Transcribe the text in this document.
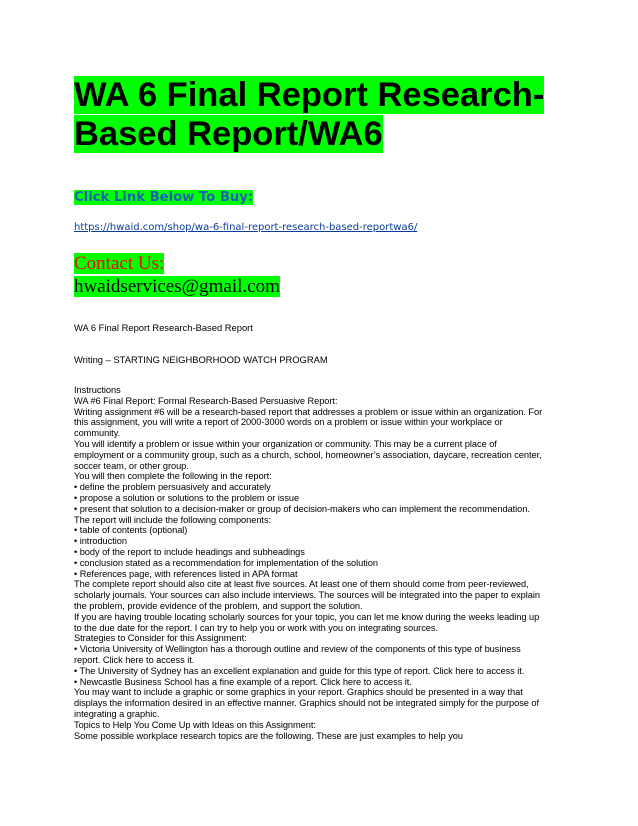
WA 6 Final Report Research-
Based Report/WA6
Click Link Below To Buy:
https://hwaid.com/shop/wa-6-final-report-research-based-reportwa6/
Contact Us:
hwaidservices@gmail.com
WA 6 Final Report Research-Based Report
Writing – STARTING NEIGHBORHOOD WATCH PROGRAM

Instructions

WA #6 Final Report: Formal Research-Based Persuasive Report:

Writing assignment #6 will be a research-based report that addresses a problem or issue within an organization. For

this assignment, you will write a report of 2000-3000 words on a problem or issue within your workplace or

community.

You will identify a problem or issue within your organization or community. This may be a current place of

employment or a community group, such as a church, school, homeowner’s association, daycare, recreation center,

soccer team, or other group.

You will then complete the following in the report:

• define the problem persuasively and accurately

• propose a solution or solutions to the problem or issue

• present that solution to a decision-maker or group of decision-makers who can implement the recommendation.

The report will include the following components:

• table of contents (optional)

• introduction

• body of the report to include headings and subheadings

• conclusion stated as a recommendation for implementation of the solution

• References page, with references listed in APA format

The complete report should also cite at least five sources. At least one of them should come from peer-reviewed,

scholarly journals. Your sources can also include interviews. The sources will be integrated into the paper to explain

the problem, provide evidence of the problem, and support the solution.

If you are having trouble locating scholarly sources for your topic, you can let me know during the weeks leading up

to the due date for the report. I can try to help you or work with you on integrating sources.

Strategies to Consider for this Assignment:

• Victoria University of Wellington has a thorough outline and review of the components of this type of business

report. Click here to access it.

• The University of Sydney has an excellent explanation and guide for this type of report. Click here to access it.

• Newcastle Business School has a fine example of a report. Click here to access it.

You may want to include a graphic or some graphics in your report. Graphics should be presented in a way that

displays the information desired in an effective manner. Graphics should not be integrated simply for the purpose of

integrating a graphic.

Topics to Help You Come Up with Ideas on this Assignment:

Some possible workplace research topics are the following. These are just examples to help you
